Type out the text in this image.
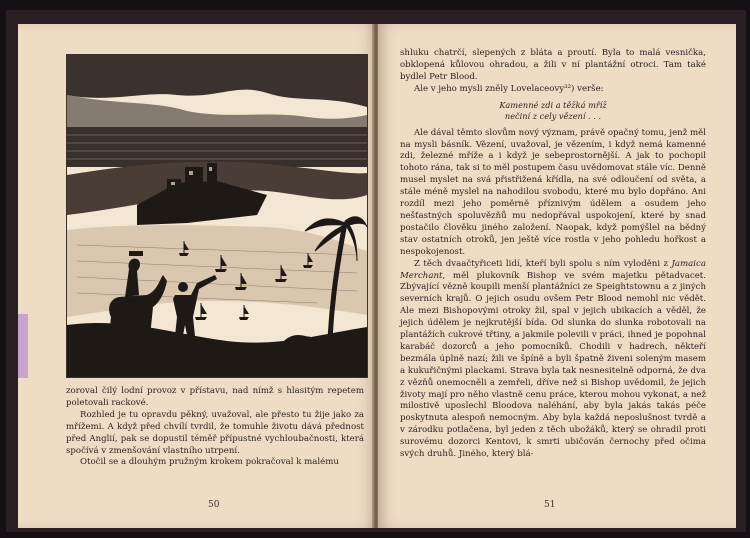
zoroval čilý lodní provoz v přístavu, nad nímž s hlasitým repetem poletovali rackové.

Rozhled je tu opravdu pěkný, uvažoval, ale přesto tu žije jako za mřížemi. A když před chvílí tvrdil, že tomuhle životu dává přednost před Anglií, pak se dopustil téměř přípustné vychloubačnosti, která spočívá v zmenšování vlastního utrpení.

Otočil se a dlouhým pružným krokem pokračoval k malému

50

shluku chatrčí, slepených z bláta a proutí. Byla to malá vesnička, obklopená kůlovou ohradou, a žili v ní plantážní otroci. Tam také bydlel Petr Blood.

Ale v jeho mysli zněly Lovelaceovy³²) verše:

Kamenné zdi a těžká mříž
nečiní z cely vězení . . .

Ale dával těmto slovům nový význam, právě opačný tomu, jenž měl na mysli básník. Vězení, uvažoval, je vězením, i když nemá kamenné zdi, železné mříže a i když je sebeprostornější. A jak to pochopil tohoto rána, tak si to měl postupem času uvědomovat stále víc. Denně musel myslet na svá přistřižená křídla, na své odloučení od světa, a stále méně myslel na nahodilou svobodu, které mu bylo dopřáno. Ani rozdíl mezi jeho poměrně příznivým údělem a osudem jeho nešťastných spoluvězňů mu nedopřával uspokojení, které by snad postačilo člověku jiného založení. Naopak, když pomýšlel na bědný stav ostatních otroků, jen ještě více rostla v jeho pohledu hořkost a nespokojenost.

Z těch dvaačtyřiceti lidí, kteří byli spolu s ním vyloděni z Jamaica Merchant, měl plukovník Bishop ve svém majetku pětadvacet. Zbývající vězně koupili menší plantážníci ze Speightstownu a z jiných severních krajů. O jejich osudu ovšem Petr Blood nemohl nic vědět. Ale mezi Bishopovými otroky žil, spal v jejich ubikacích a věděl, že jejich údělem je nejkrutější bída. Od slunka do slunka robotovali na plantážích cukrové třtiny, a jakmile polevili v práci, ihned je popohnal karabáč dozorců a jeho pomocníků. Chodili v hadrech, někteří bezmála úplně nazí; žili ve špíně a byli špatně živeni soleným masem a kukuřičnými plackami. Strava byla tak nesnesitelně odporná, že dva z vězňů onemocněli a zemřeli, dříve než si Bishop uvědomil, že jejich životy mají pro něho vlastně cenu práce, kterou mohou vykonat, a než milostivě uposlechl Bloodova naléhání, aby byla jakás takás péče poskytnuta alespoň nemocným. Aby byla každá neposlušnost tvrdě a v zárodku potlačena, byl jeden z těch ubožáků, který se ohradil proti surovému dozorci Kentovi, k smrti ubičován černochy před očima svých druhů. Jiného, který blá-

51
